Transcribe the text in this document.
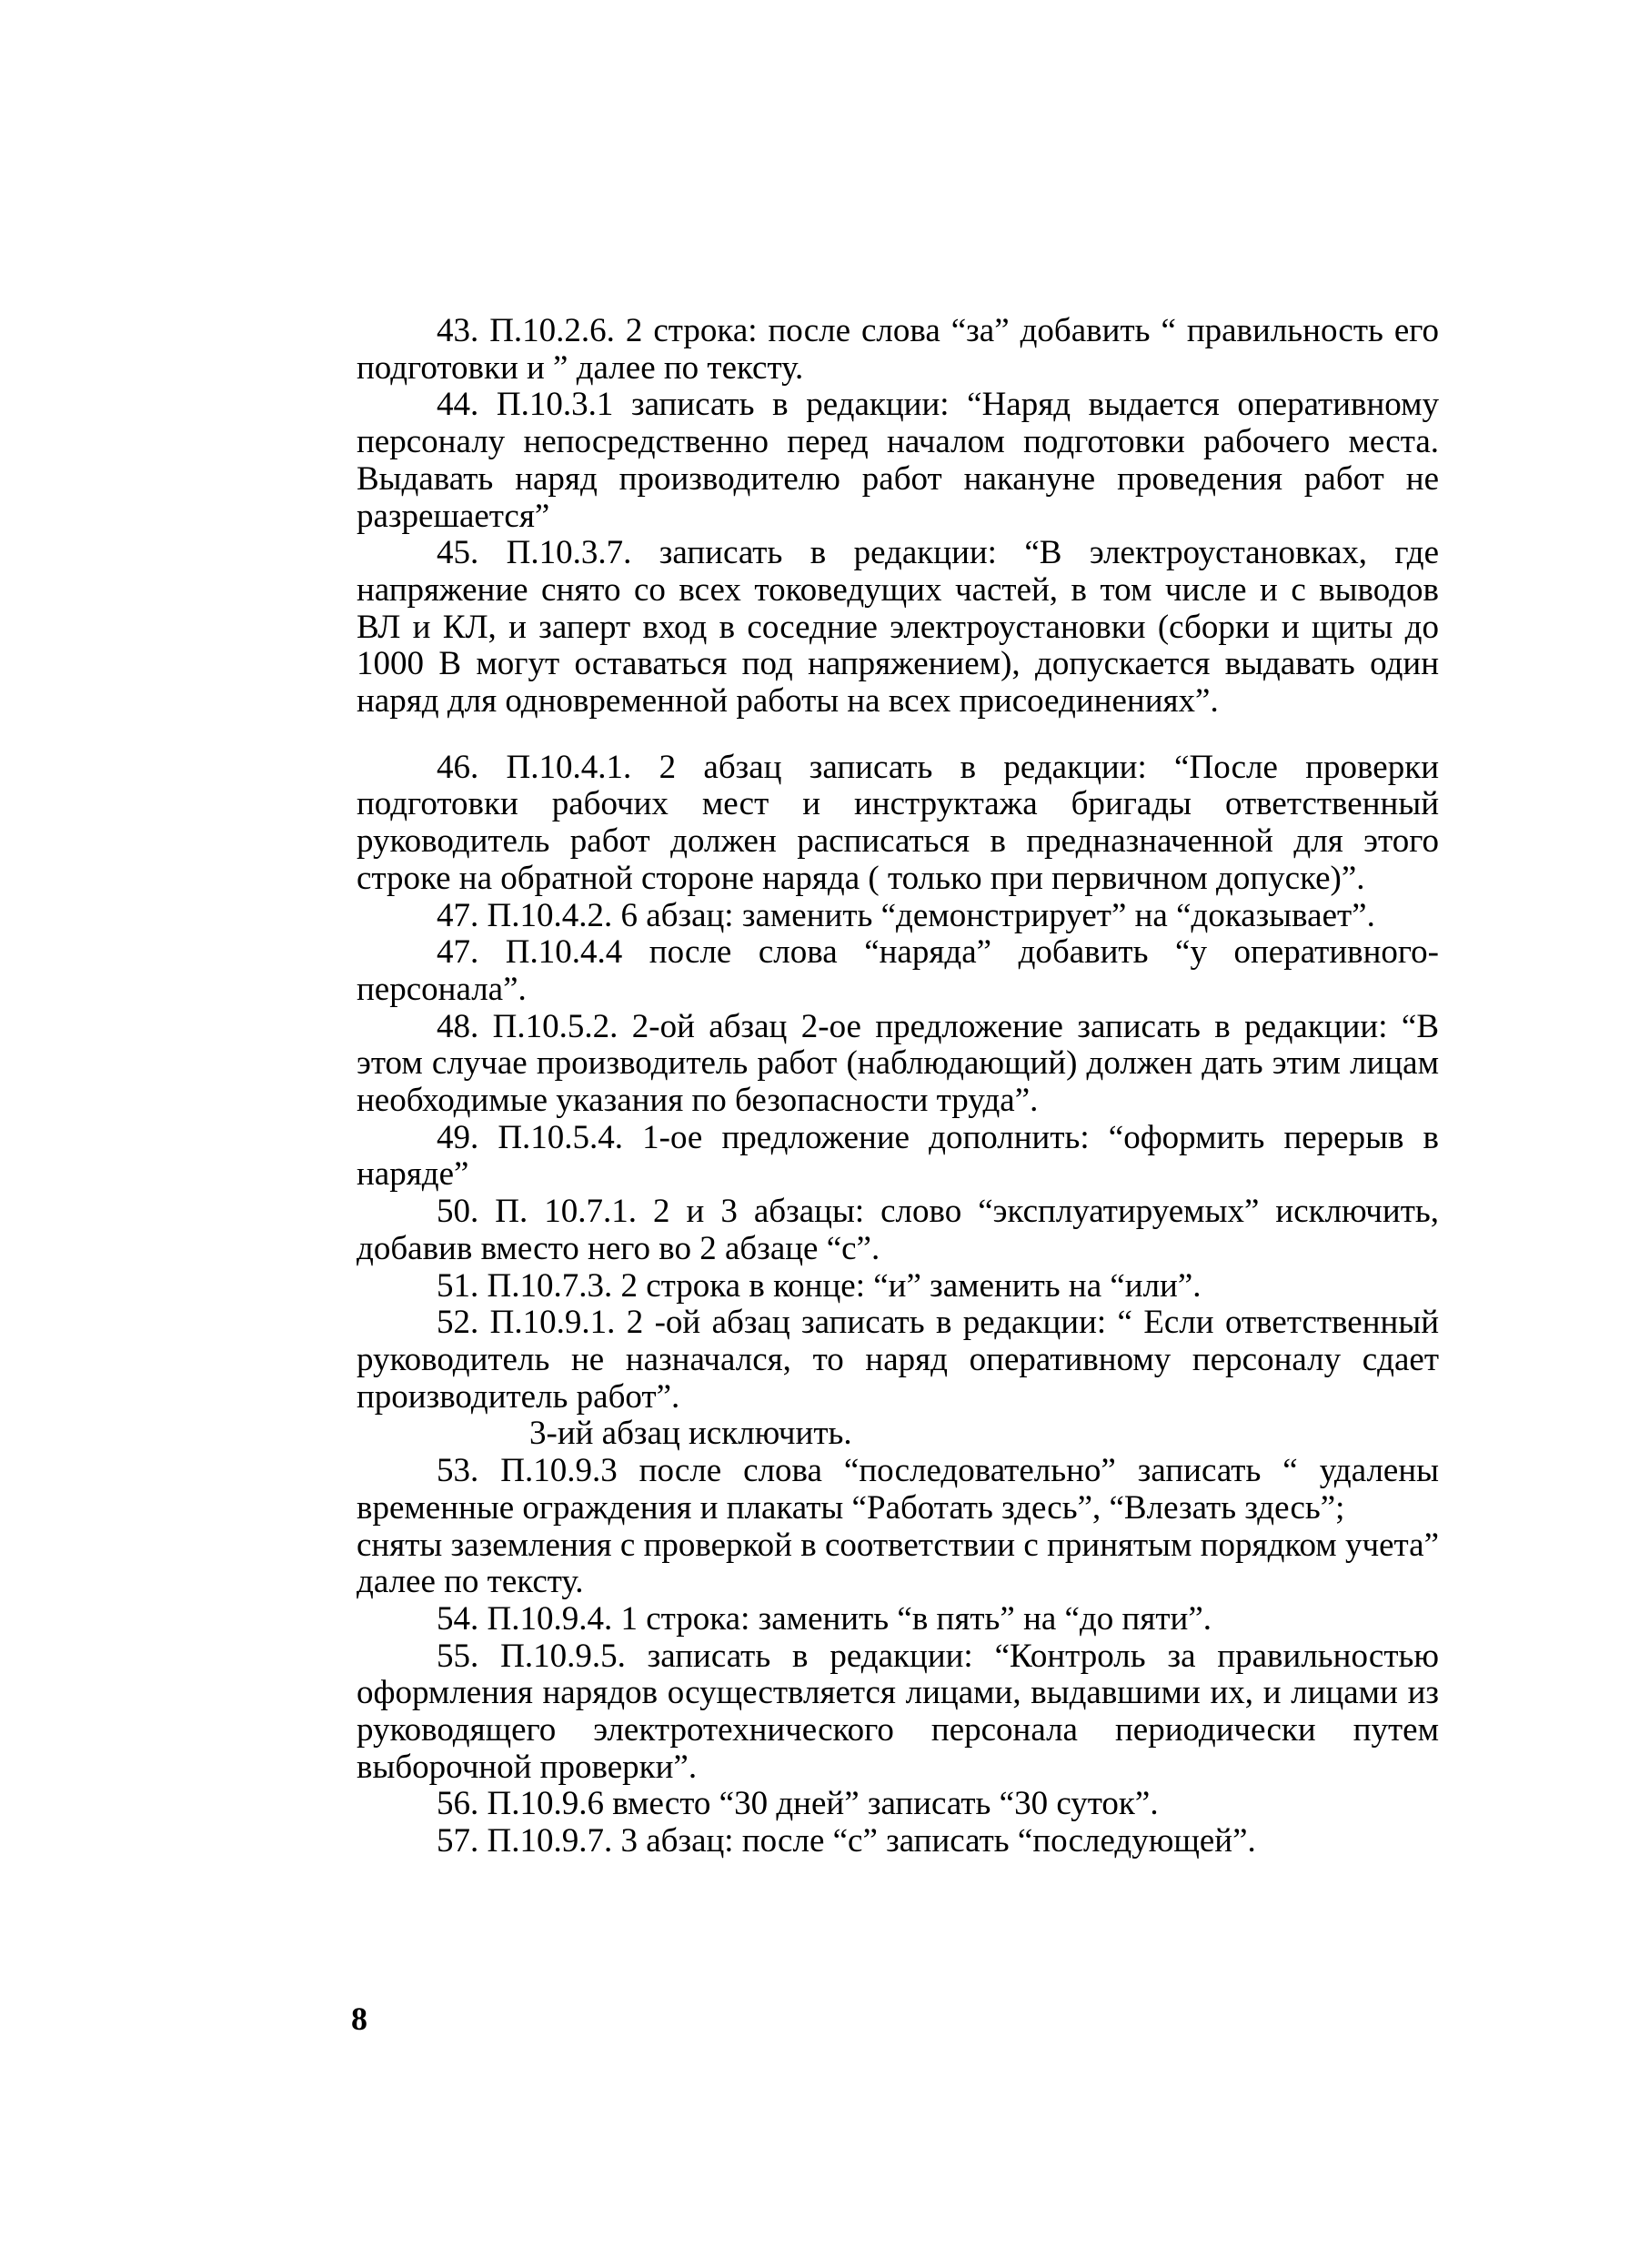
43. П.10.2.6. 2 строка: после слова “за” добавить “ правильность его подготовки и ” далее по тексту.

44. П.10.3.1 записать в редакции: “Наряд выдается оперативному персоналу непосредственно перед началом подготовки рабочего места. Выдавать наряд производителю работ накануне проведения работ не разрешается”

45. П.10.3.7. записать в редакции: “В электроустановках, где напряжение снято со всех токоведущих частей, в том числе и с выводов ВЛ и КЛ, и заперт вход в соседние электроустановки (сборки и щиты до 1000 В могут оставаться под напряжением), допускается выдавать один наряд для одновременной работы на всех присоединениях”.

46. П.10.4.1. 2 абзац записать в редакции: “После проверки подготовки рабочих мест и инструктажа бригады ответственный руководитель работ должен расписаться в предназначенной для этого строке на обратной стороне наряда ( только при первичном допуске)”.

47. П.10.4.2. 6 абзац: заменить “демонстрирует” на “доказывает”.

47. П.10.4.4 после слова “наряда” добавить “у оперативного-персонала”.

48. П.10.5.2. 2-ой абзац 2-ое предложение записать в редакции: “В этом случае производитель работ (наблюдающий) должен дать этим лицам необходимые указания по безопасности труда”.

49. П.10.5.4. 1-ое предложение дополнить: “оформить перерыв в наряде”

50. П. 10.7.1. 2 и 3 абзацы: слово “эксплуатируемых” исключить, добавив вместо него во 2 абзаце “с”.

51. П.10.7.3. 2 строка в конце: “и” заменить на “или”.

52. П.10.9.1. 2 -ой абзац записать в редакции: “ Если ответственный руководитель не назначался, то наряд оперативному персоналу сдает производитель работ”.

3-ий абзац исключить.

53. П.10.9.3 после слова “последовательно” записать “ удалены временные ограждения и плакаты “Работать здесь”, “Влезать здесь”;

сняты заземления с проверкой в соответствии с принятым порядком учета” далее по тексту.

54. П.10.9.4. 1 строка: заменить “в пять” на “до пяти”.

55. П.10.9.5. записать в редакции: “Контроль за правильностью оформления нарядов осуществляется лицами, выдавшими их, и лицами из руководящего электротехнического персонала периодически путем выборочной проверки”.

56. П.10.9.6 вместо “30 дней” записать “30 суток”.

57. П.10.9.7. 3 абзац: после “с” записать “последующей”.

8
